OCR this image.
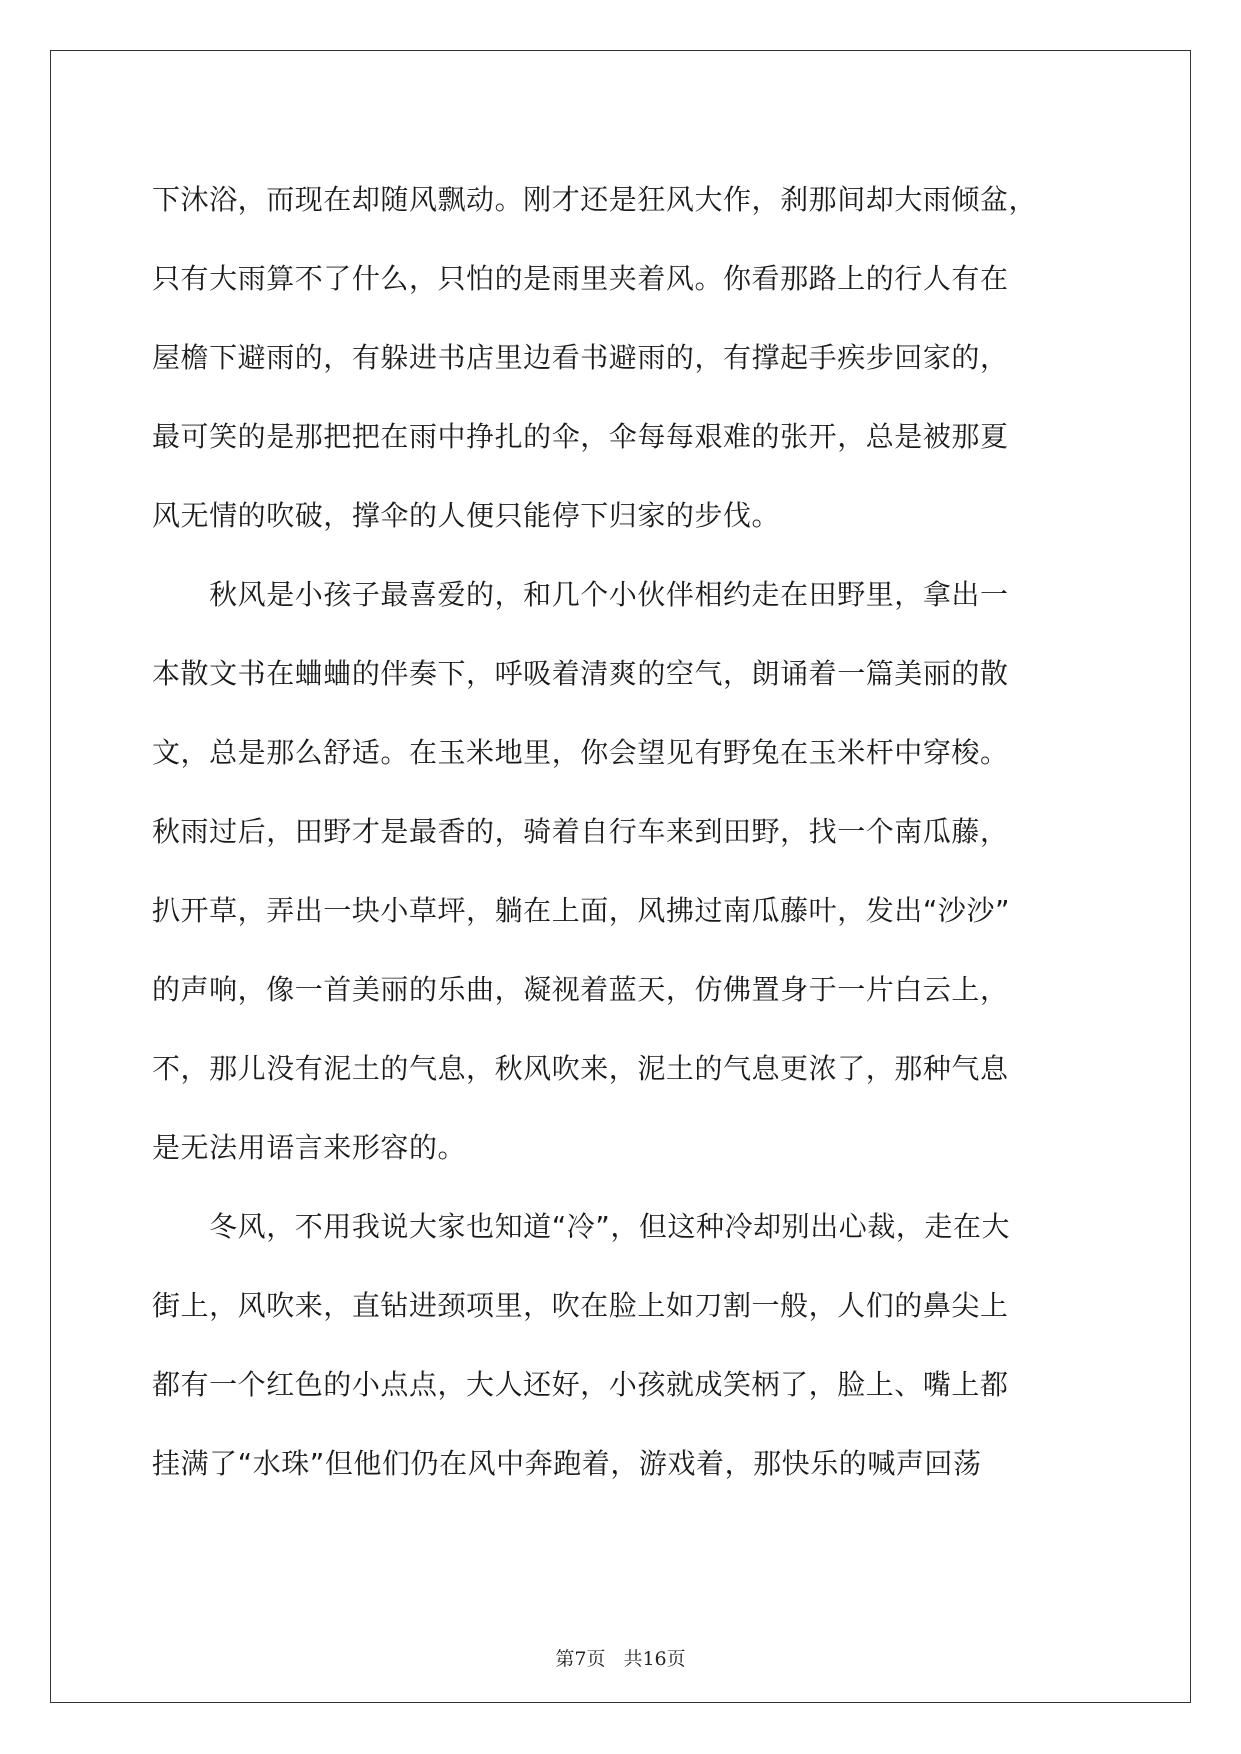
下沐浴，而现在却随风飘动。刚才还是狂风大作，刹那间却大雨倾盆，
只有大雨算不了什么，只怕的是雨里夹着风。你看那路上的行人有在
屋檐下避雨的，有躲进书店里边看书避雨的，有撑起手疾步回家的，
最可笑的是那把把在雨中挣扎的伞，伞每每艰难的张开，总是被那夏
风无情的吹破，撑伞的人便只能停下归家的步伐。
　　秋风是小孩子最喜爱的，和几个小伙伴相约走在田野里，拿出一
本散文书在蛐蛐的伴奏下，呼吸着清爽的空气，朗诵着一篇美丽的散
文，总是那么舒适。在玉米地里，你会望见有野兔在玉米杆中穿梭。
秋雨过后，田野才是最香的，骑着自行车来到田野，找一个南瓜藤，
扒开草，弄出一块小草坪，躺在上面，风拂过南瓜藤叶，发出“沙沙”
的声响，像一首美丽的乐曲，凝视着蓝天，仿佛置身于一片白云上，
不，那儿没有泥土的气息，秋风吹来，泥土的气息更浓了，那种气息
是无法用语言来形容的。
　　冬风，不用我说大家也知道“冷”，但这种冷却别出心裁，走在大
街上，风吹来，直钻进颈项里，吹在脸上如刀割一般，人们的鼻尖上
都有一个红色的小点点，大人还好，小孩就成笑柄了，脸上、嘴上都
挂满了“水珠”但他们仍在风中奔跑着，游戏着，那快乐的喊声回荡
第7页 共16页
